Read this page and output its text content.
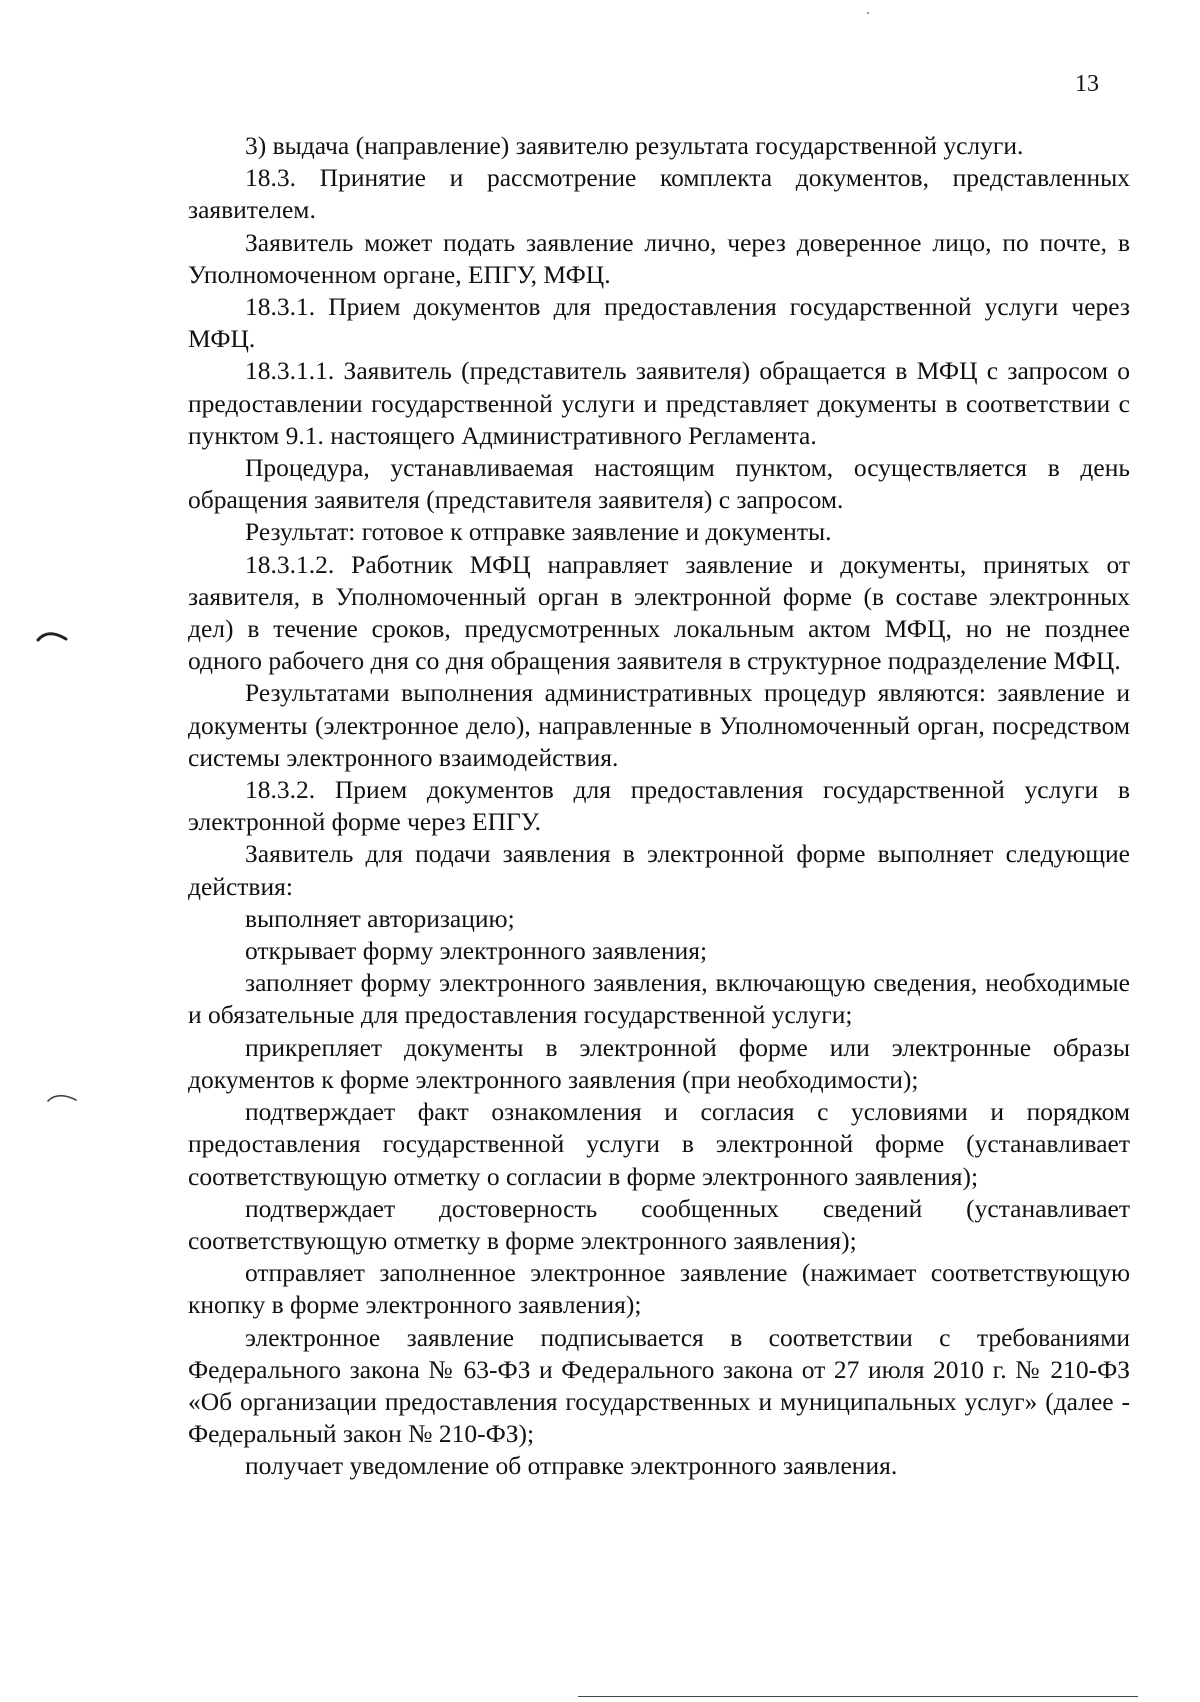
13

3) выдача (направление) заявителю результата государственной услуги.

18.3. Принятие и рассмотрение комплекта документов, представленных заявителем.

Заявитель может подать заявление лично, через доверенное лицо, по почте, в Уполномоченном органе, ЕПГУ, МФЦ.

18.3.1. Прием документов для предоставления государственной услуги через МФЦ.

18.3.1.1. Заявитель (представитель заявителя) обращается в МФЦ с запросом о предоставлении государственной услуги и представляет документы в соответствии с пунктом 9.1. настоящего Административного Регламента.

Процедура, устанавливаемая настоящим пунктом, осуществляется в день обращения заявителя (представителя заявителя) с запросом.

Результат: готовое к отправке заявление и документы.

18.3.1.2. Работник МФЦ направляет заявление и документы, принятых от заявителя, в Уполномоченный орган в электронной форме (в составе электронных дел) в течение сроков, предусмотренных локальным актом МФЦ, но не позднее одного рабочего дня со дня обращения заявителя в структурное подразделение МФЦ.

Результатами выполнения административных процедур являются: заявление и документы (электронное дело), направленные в Уполномоченный орган, посредством системы электронного взаимодействия.

18.3.2. Прием документов для предоставления государственной услуги в электронной форме через ЕПГУ.

Заявитель для подачи заявления в электронной форме выполняет следующие действия:

выполняет авторизацию;

открывает форму электронного заявления;

заполняет форму электронного заявления, включающую сведения, необходимые и обязательные для предоставления государственной услуги;

прикрепляет документы в электронной форме или электронные образы документов к форме электронного заявления (при необходимости);

подтверждает факт ознакомления и согласия с условиями и порядком предоставления государственной услуги в электронной форме (устанавливает соответствующую отметку о согласии в форме электронного заявления);

подтверждает достоверность сообщенных сведений (устанавливает соответствующую отметку в форме электронного заявления);

отправляет заполненное электронное заявление (нажимает соответствующую кнопку в форме электронного заявления);

электронное заявление подписывается в соответствии с требованиями Федерального закона № 63-ФЗ и Федерального закона от 27 июля 2010 г. № 210-ФЗ «Об организации предоставления государственных и муниципальных услуг» (далее - Федеральный закон № 210-ФЗ);

получает уведомление об отправке электронного заявления.
